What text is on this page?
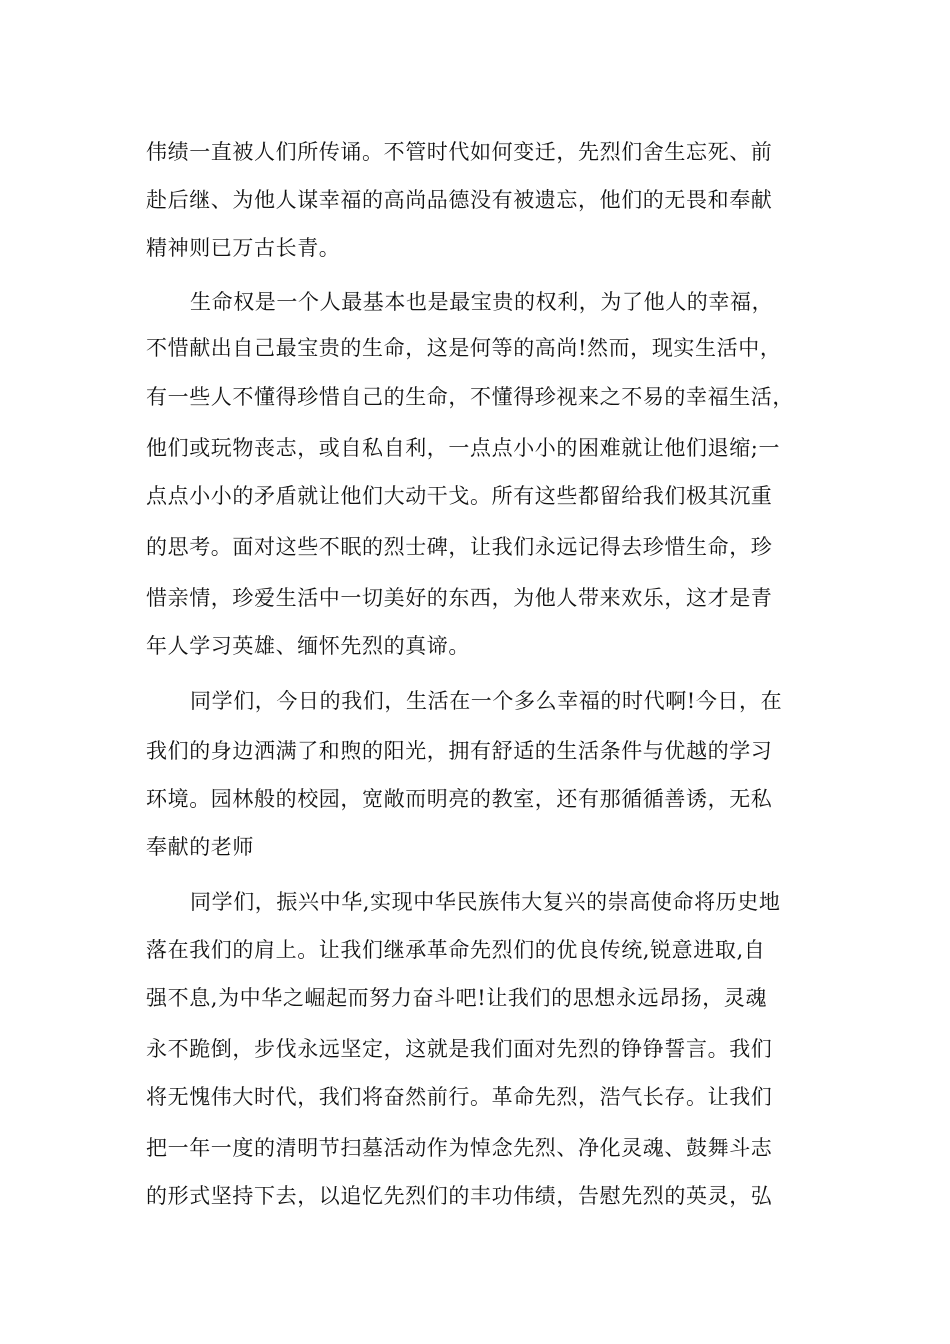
伟绩一直被人们所传诵。不管时代如何变迁，先烈们舍生忘死、前
赴后继、为他人谋幸福的高尚品德没有被遗忘，他们的无畏和奉献
精神则已万古长青。
生命权是一个人最基本也是最宝贵的权利，为了他人的幸福，
不惜献出自己最宝贵的生命，这是何等的高尚!然而，现实生活中，
有一些人不懂得珍惜自己的生命，不懂得珍视来之不易的幸福生活，
他们或玩物丧志，或自私自利，一点点小小的困难就让他们退缩;一
点点小小的矛盾就让他们大动干戈。所有这些都留给我们极其沉重
的思考。面对这些不眠的烈士碑，让我们永远记得去珍惜生命，珍
惜亲情，珍爱生活中一切美好的东西，为他人带来欢乐，这才是青
年人学习英雄、缅怀先烈的真谛。
同学们，今日的我们，生活在一个多么幸福的时代啊!今日，在
我们的身边洒满了和煦的阳光，拥有舒适的生活条件与优越的学习
环境。园林般的校园，宽敞而明亮的教室，还有那循循善诱，无私
奉献的老师
同学们，振兴中华,实现中华民族伟大复兴的崇高使命将历史地
落在我们的肩上。让我们继承革命先烈们的优良传统,锐意进取,自
强不息,为中华之崛起而努力奋斗吧!让我们的思想永远昂扬，灵魂
永不跪倒，步伐永远坚定，这就是我们面对先烈的铮铮誓言。我们
将无愧伟大时代，我们将奋然前行。革命先烈，浩气长存。让我们
把一年一度的清明节扫墓活动作为悼念先烈、净化灵魂、鼓舞斗志
的形式坚持下去，以追忆先烈们的丰功伟绩，告慰先烈的英灵，弘
